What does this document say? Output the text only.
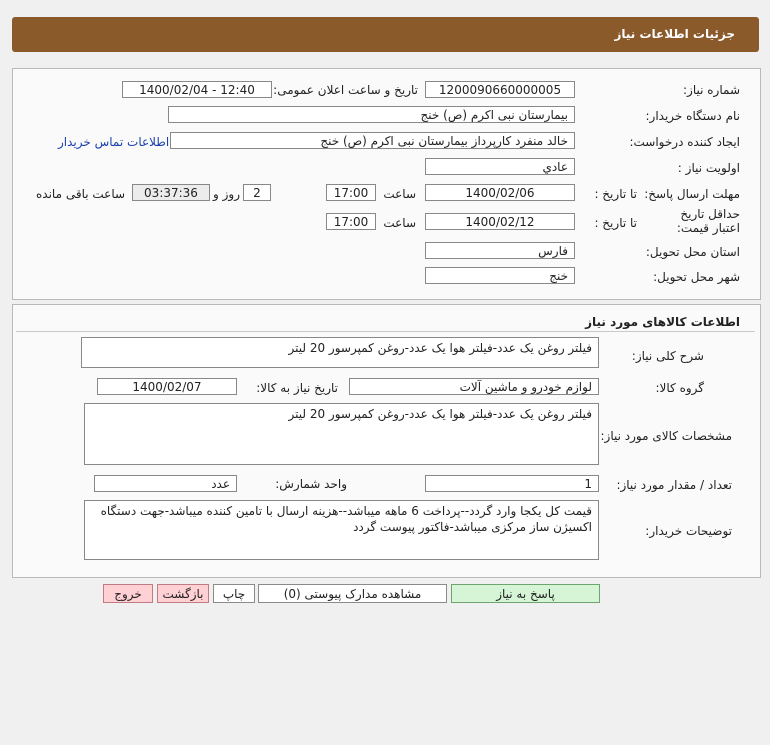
جزئیات اطلاعات نیاز
شماره نیاز:
1200090660000005
تاریخ و ساعت اعلان عمومی:
1400/02/04 - 12:40
نام دستگاه خریدار:
بیمارستان نبی اکرم (ص) خنج
ایجاد کننده درخواست:
خالد منفرد کارپرداز بیمارستان نبی اکرم (ص) خنج
اطلاعات تماس خریدار
اولویت نیاز :
عادي
مهلت ارسال پاسخ:
تا تاریخ :
1400/02/06
ساعت
17:00
2
روز و
03:37:36
ساعت باقی مانده
حداقل تاریخ اعتبار قیمت:
تا تاریخ :
1400/02/12
ساعت
17:00
استان محل تحویل:
فارس
شهر محل تحویل:
خنج
اطلاعات کالاهای مورد نیاز
شرح کلی نیاز:
فیلتر روغن یک عدد-فیلتر هوا یک عدد-روغن کمپرسور 20 لیتر
گروه کالا:
لوازم خودرو و ماشین آلات
تاریخ نیاز به کالا:
1400/02/07
مشخصات کالای مورد نیاز:
فیلتر روغن یک عدد-فیلتر هوا یک عدد-روغن کمپرسور 20 لیتر
تعداد / مقدار مورد نیاز:
1
واحد شمارش:
عدد
توضیحات خریدار:
قیمت کل یکجا وارد گردد--پرداخت 6 ماهه میباشد--هزینه ارسال با تامین کننده میباشد-جهت دستگاه اکسیژن ساز مرکزی میباشد-فاکتور پیوست گردد
پاسخ به نیاز
مشاهده مدارک پیوستی (0)
چاپ
بازگشت
خروج
